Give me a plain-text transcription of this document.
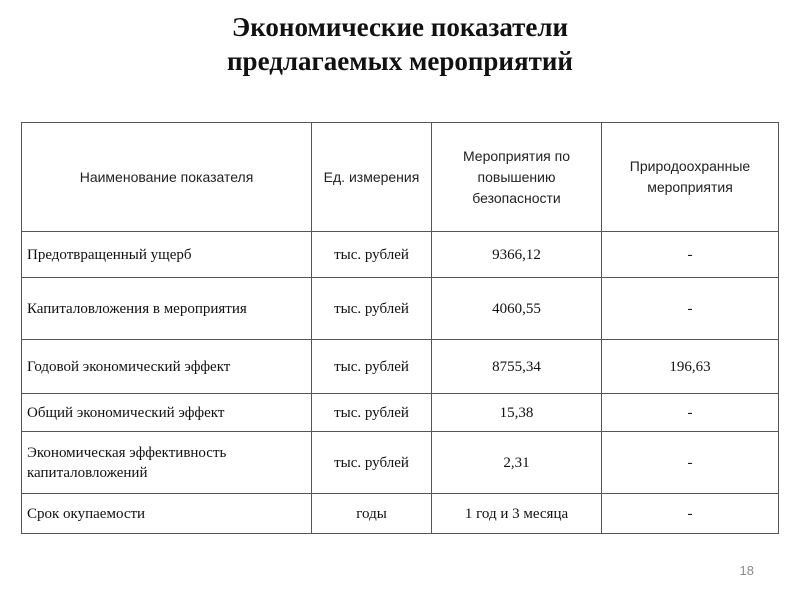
Экономические показатели
предлагаемых мероприятий
Наименование показателя	Ед. измерения	Мероприятия по повышению безопасности	Природоохранные мероприятия
Предотвращенный ущерб	тыс. рублей	9366,12	-
Капиталовложения в мероприятия	тыс. рублей	4060,55	-
Годовой экономический эффект	тыс. рублей	8755,34	196,63
Общий экономический эффект	тыс. рублей	15,38	-
Экономическая эффективность капиталовложений	тыс. рублей	2,31	-
Срок окупаемости	годы	1 год и 3 месяца	-
18
